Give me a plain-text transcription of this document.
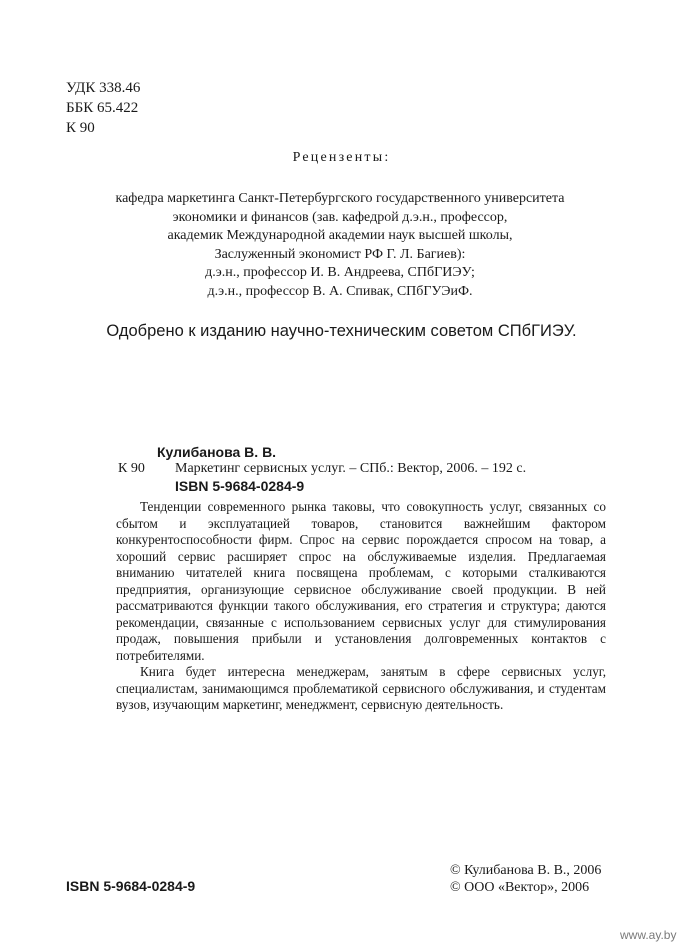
УДК 338.46
ББК 65.422
К 90
Рецензенты:
кафедра маркетинга Санкт-Петербургского государственного университета
экономики и финансов (зав. кафедрой д.э.н., профессор,
академик Международной академии наук высшей школы,
Заслуженный экономист РФ Г. Л. Багиев):
д.э.н., профессор И. В. Андреева, СПбГИЭУ;
д.э.н., профессор В. А. Спивак, СПбГУЭиФ.
Одобрено к изданию научно-техническим советом СПбГИЭУ.
Кулибанова В. В.
К 90 Маркетинг сервисных услуг. – СПб.: Вектор, 2006. – 192 с.
ISBN 5-9684-0284-9

Тенденции современного рынка таковы, что совокупность услуг, связанных со сбытом и эксплуатацией товаров, становится важнейшим фактором конкурентоспособности фирм. Спрос на сервис порождается спросом на товар, а хороший сервис расширяет спрос на обслуживаемые изделия. Предлагаемая вниманию читателей книга посвящена проблемам, с которыми сталкиваются предприятия, организующие сервисное обслуживание своей продукции. В ней рассматриваются функции такого обслуживания, его стратегия и структура; даются рекомендации, связанные с использованием сервисных услуг для стимулирования продаж, повышения прибыли и установления долговременных контактов с потребителями.

Книга будет интересна менеджерам, занятым в сфере сервисных услуг, специалистам, занимающимся проблематикой сервисного обслуживания, и студентам вузов, изучающим маркетинг, менеджмент, сервисную деятельность.

ISBN 5-9684-0284-9
© Кулибанова В. В., 2006
© ООО «Вектор», 2006
www.ay.by
